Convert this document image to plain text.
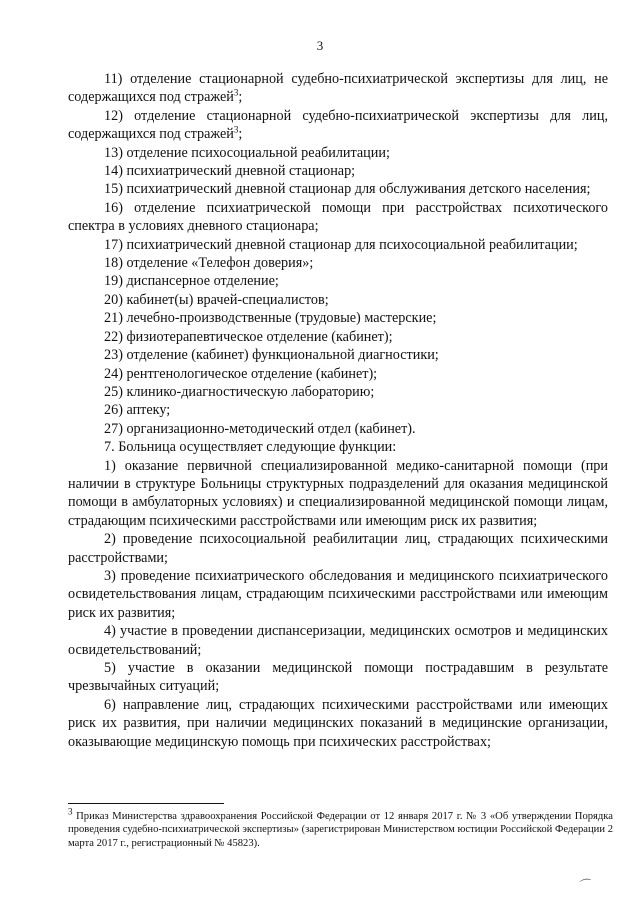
3

11) отделение стационарной судебно-психиатрической экспертизы для лиц, не содержащихся под стражей$^3$;

12) отделение стационарной судебно-психиатрической экспертизы для лиц, содержащихся под стражей$^3$;

13) отделение психосоциальной реабилитации;

14) психиатрический дневной стационар;

15) психиатрический дневной стационар для обслуживания детского населения;

16) отделение психиатрической помощи при расстройствах психотического спектра в условиях дневного стационара;

17) психиатрический дневной стационар для психосоциальной реабилитации;

18) отделение «Телефон доверия»;

19) диспансерное отделение;

20) кабинет(ы) врачей-специалистов;

21) лечебно-производственные (трудовые) мастерские;

22) физиотерапевтическое отделение (кабинет);

23) отделение (кабинет) функциональной диагностики;

24) рентгенологическое отделение (кабинет);

25) клинико-диагностическую лабораторию;

26) аптеку;

27) организационно-методический отдел (кабинет).

7. Больница осуществляет следующие функции:

1) оказание первичной специализированной медико-санитарной помощи (при наличии в структуре Больницы структурных подразделений для оказания медицинской помощи в амбулаторных условиях) и специализированной медицинской помощи лицам, страдающим психическими расстройствами или имеющим риск их развития;

2) проведение психосоциальной реабилитации лиц, страдающих психическими расстройствами;

3) проведение психиатрического обследования и медицинского психиатрического освидетельствования лицам, страдающим психическими расстройствами или имеющим риск их развития;

4) участие в проведении диспансеризации, медицинских осмотров и медицинских освидетельствований;

5) участие в оказании медицинской помощи пострадавшим в результате чрезвычайных ситуаций;

6) направление лиц, страдающих психическими расстройствами или имеющих риск их развития, при наличии медицинских показаний в медицинские организации, оказывающие медицинскую помощь при психических расстройствах;

$^3$ Приказ Министерства здравоохранения Российской Федерации от 12 января 2017 г. № 3 «Об утверждении Порядка проведения судебно-психиатрической экспертизы» (зарегистрирован Министерством юстиции Российской Федерации 2 марта 2017 г., регистрационный № 45823).
⌒
